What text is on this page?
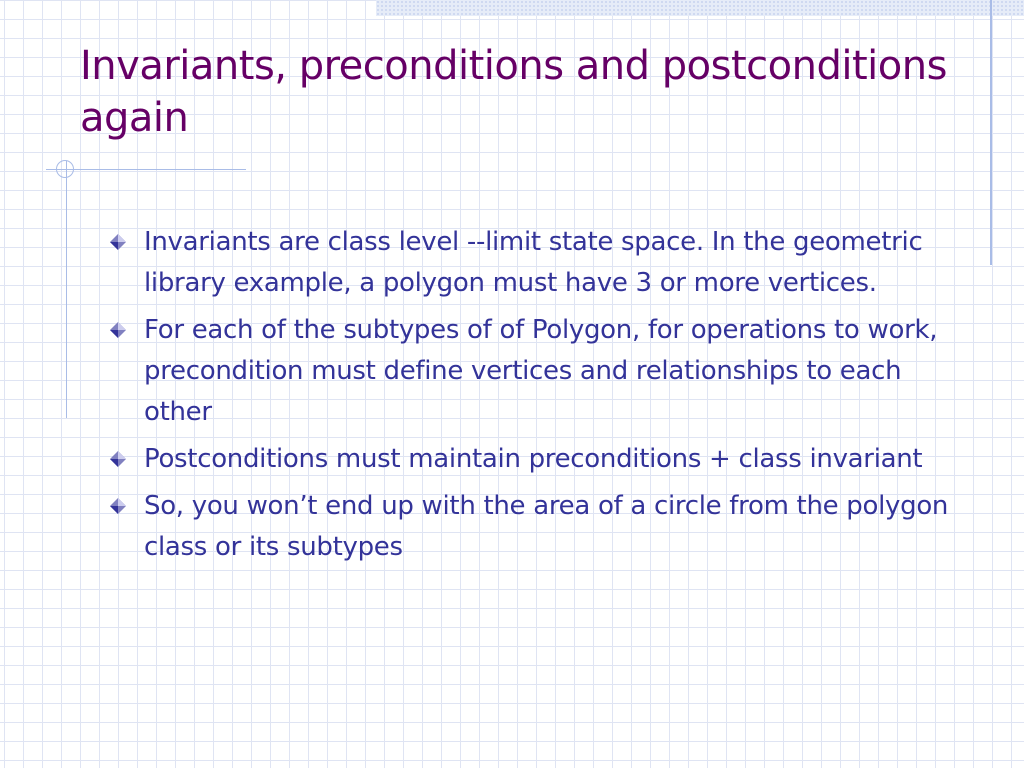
Invariants, preconditions and postconditions again
Invariants are class level --limit state space. In the geometric library example, a polygon must have 3 or more vertices.
For each of the subtypes of of Polygon, for operations to work, precondition must define vertices and relationships to each other
Postconditions must maintain preconditions + class invariant
So, you won’t end up with the area of a circle from the polygon class or its subtypes
